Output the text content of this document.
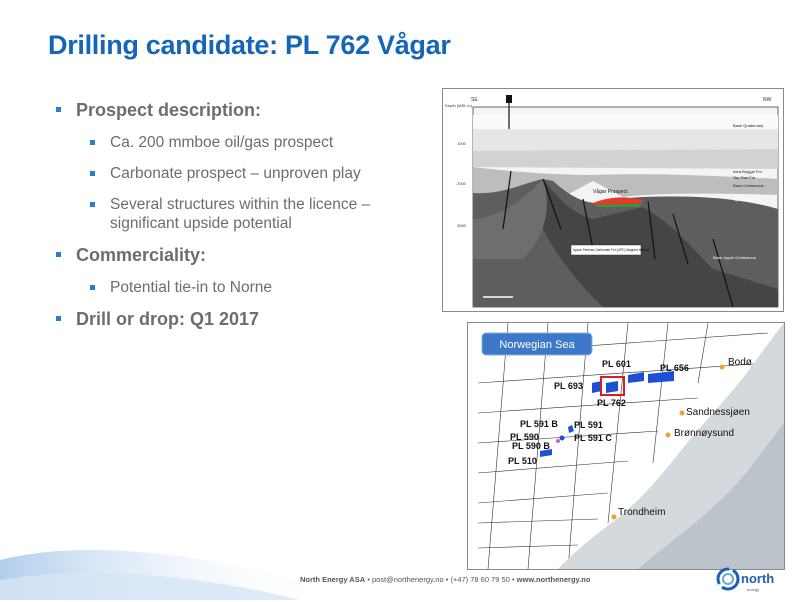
Drilling candidate: PL 762 Vågar
Prospect description:
Ca. 200 mmboe oil/gas prospect
Carbonate prospect – unproven play
Several structures within the licence – significant upside potential
Commerciality:
Potential tie-in to Norne
Drill or drop: Q1 2017
SE	NW
Depth (MSL m)
1000
2000
3000
Vågar Prospect
Base Quaternary
Intra Brygge Fm
Top Tare Fm
Base Cretaceous
Top Lysing Fm
Base Upper Cretaceous
Upper Permian Carbonate Fm (UPC) Mapped reflector
Norwegian Sea
PL 601	PL 656
PL 693
PL 762
PL 591 B PL 591
PL 590	PL 591 C
PL 590 B
PL 510
Bodø
Sandnessjøen
Brønnøysund
Trondheim
North Energy ASA • post@northenergy.no • (+47) 78 60 79 50 • www.northenergy.no	north
energy
